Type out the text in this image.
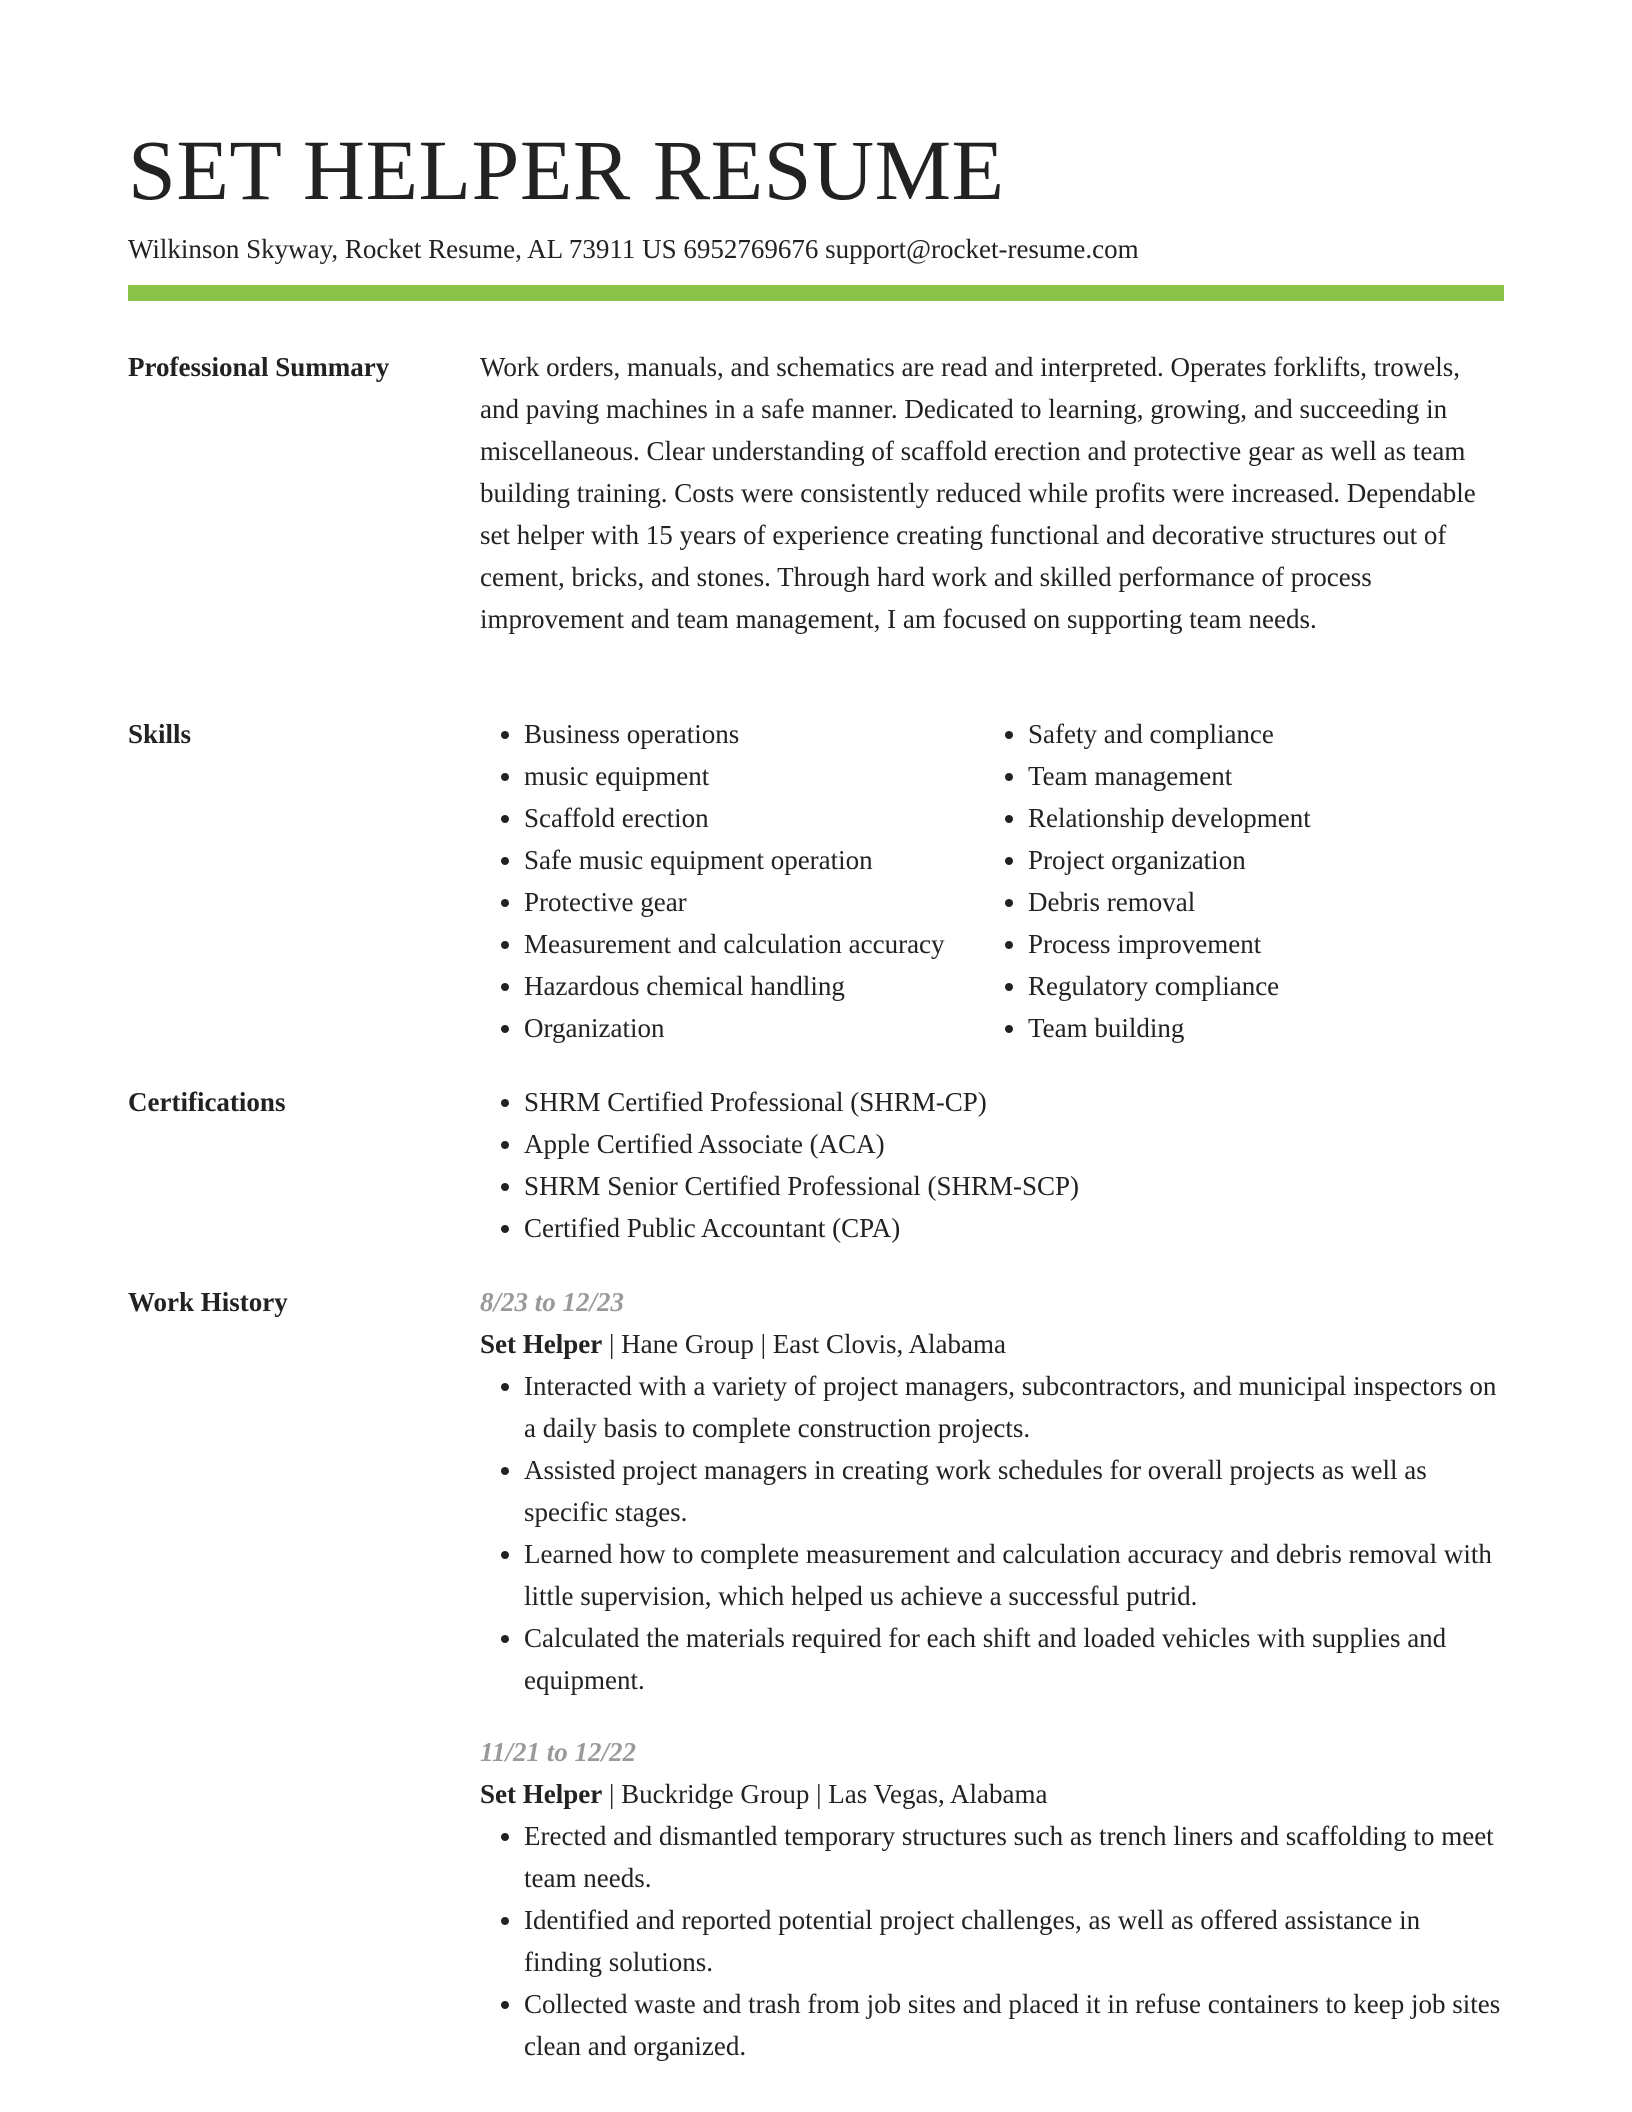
SET HELPER RESUME
Wilkinson Skyway, Rocket Resume, AL 73911 US 6952769676 support@rocket-resume.com
Professional Summary	Work orders, manuals, and schematics are read and interpreted. Operates forklifts, trowels, and paving machines in a safe manner. Dedicated to learning, growing, and succeeding in miscellaneous. Clear understanding of scaffold erection and protective gear as well as team building training. Costs were consistently reduced while profits were increased. Dependable set helper with 15 years of experience creating functional and decorative structures out of cement, bricks, and stones. Through hard work and skilled performance of process improvement and team management, I am focused on supporting team needs.

Skills	• Business operations
• music equipment
• Scaffold erection
• Safe music equipment operation
• Protective gear
• Measurement and calculation accuracy
• Hazardous chemical handling
• Organization
• Safety and compliance
• Team management
• Relationship development
• Project organization
• Debris removal
• Process improvement
• Regulatory compliance
• Team building
Certifications	• SHRM Certified Professional (SHRM-CP)
• Apple Certified Associate (ACA)
• SHRM Senior Certified Professional (SHRM-SCP)
• Certified Public Accountant (CPA)
Work History	8/23 to 12/23
Set Helper | Hane Group | East Clovis, Alabama
• Interacted with a variety of project managers, subcontractors, and municipal inspectors on a daily basis to complete construction projects.
• Assisted project managers in creating work schedules for overall projects as well as specific stages.
• Learned how to complete measurement and calculation accuracy and debris removal with little supervision, which helped us achieve a successful putrid.
• Calculated the materials required for each shift and loaded vehicles with supplies and equipment.
11/21 to 12/22
Set Helper | Buckridge Group | Las Vegas, Alabama
• Erected and dismantled temporary structures such as trench liners and scaffolding to meet team needs.
• Identified and reported potential project challenges, as well as offered assistance in finding solutions.
• Collected waste and trash from job sites and placed it in refuse containers to keep job sites clean and organized.
